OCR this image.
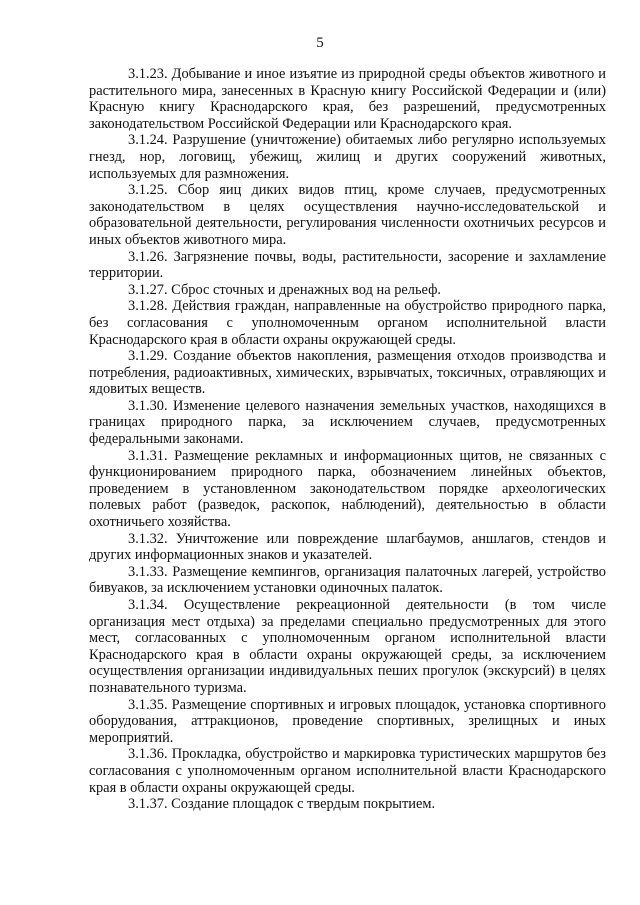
5

3.1.23. Добывание и иное изъятие из природной среды объектов животного и растительного мира, занесенных в Красную книгу Российской Федерации и (или) Красную книгу Краснодарского края, без разрешений, предусмотренных законодательством Российской Федерации или Краснодарского края.

3.1.24. Разрушение (уничтожение) обитаемых либо регулярно используемых гнезд, нор, логовищ, убежищ, жилищ и других сооружений животных, используемых для размножения.

3.1.25. Сбор яиц диких видов птиц, кроме случаев, предусмотренных законодательством в целях осуществления научно-исследовательской и образовательной деятельности, регулирования численности охотничьих ресурсов и иных объектов животного мира.

3.1.26. Загрязнение почвы, воды, растительности, засорение и захламление территории.

3.1.27. Сброс сточных и дренажных вод на рельеф.

3.1.28. Действия граждан, направленные на обустройство природного парка, без согласования с уполномоченным органом исполнительной власти Краснодарского края в области охраны окружающей среды.

3.1.29. Создание объектов накопления, размещения отходов производства и потребления, радиоактивных, химических, взрывчатых, токсичных, отравляющих и ядовитых веществ.

3.1.30. Изменение целевого назначения земельных участков, находящихся в границах природного парка, за исключением случаев, предусмотренных федеральными законами.

3.1.31. Размещение рекламных и информационных щитов, не связанных с функционированием природного парка, обозначением линейных объектов, проведением в установленном законодательством порядке археологических полевых работ (разведок, раскопок, наблюдений), деятельностью в области охотничьего хозяйства.

3.1.32. Уничтожение или повреждение шлагбаумов, аншлагов, стендов и других информационных знаков и указателей.

3.1.33. Размещение кемпингов, организация палаточных лагерей, устройство бивуаков, за исключением установки одиночных палаток.

3.1.34. Осуществление рекреационной деятельности (в том числе организация мест отдыха) за пределами специально предусмотренных для этого мест, согласованных с уполномоченным органом исполнительной власти Краснодарского края в области охраны окружающей среды, за исключением осуществления организации индивидуальных пеших прогулок (экскурсий) в целях познавательного туризма.

3.1.35. Размещение спортивных и игровых площадок, установка спортивного оборудования, аттракционов, проведение спортивных, зрелищных и иных мероприятий.

3.1.36. Прокладка, обустройство и маркировка туристических маршрутов без согласования с уполномоченным органом исполнительной власти Краснодарского края в области охраны окружающей среды.

3.1.37. Создание площадок с твердым покрытием.
